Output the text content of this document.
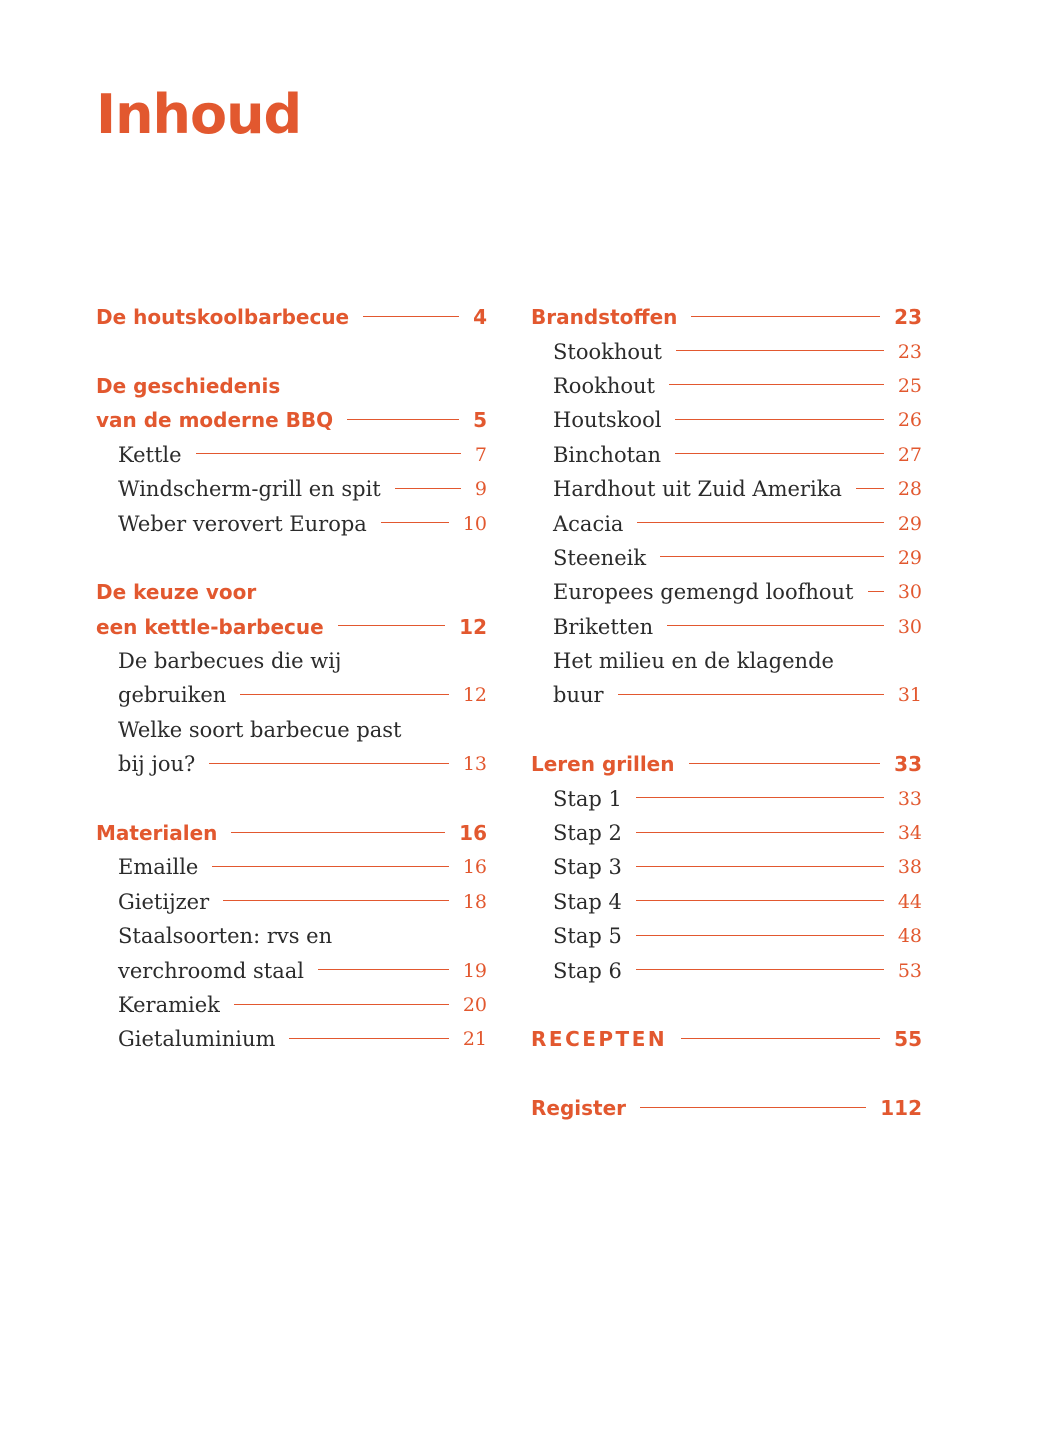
Inhoud
De houtskoolbarbecue	4
De geschiedenis
van de moderne BBQ	5
Kettle	7
Windscherm-grill en spit	9
Weber verovert Europa	10
De keuze voor
een kettle-barbecue	12
De barbecues die wij
gebruiken	12
Welke soort barbecue past
bij jou?	13
Materialen	16
Emaille	16
Gietijzer	18
Staalsoorten: rvs en
verchroomd staal	19
Keramiek	20
Gietaluminium	21
Brandstoffen	23
Stookhout	23
Rookhout	25
Houtskool	26
Binchotan	27
Hardhout uit Zuid Amerika	28
Acacia	29
Steeneik	29
Europees gemengd loofhout 30
Briketten	30
Het milieu en de klagende
buur	31
Leren grillen	33
Stap 1	33
Stap 2	34
Stap 3	38
Stap 4	44
Stap 5	48
Stap 6	53
RECEPTEN	55
Register	112
